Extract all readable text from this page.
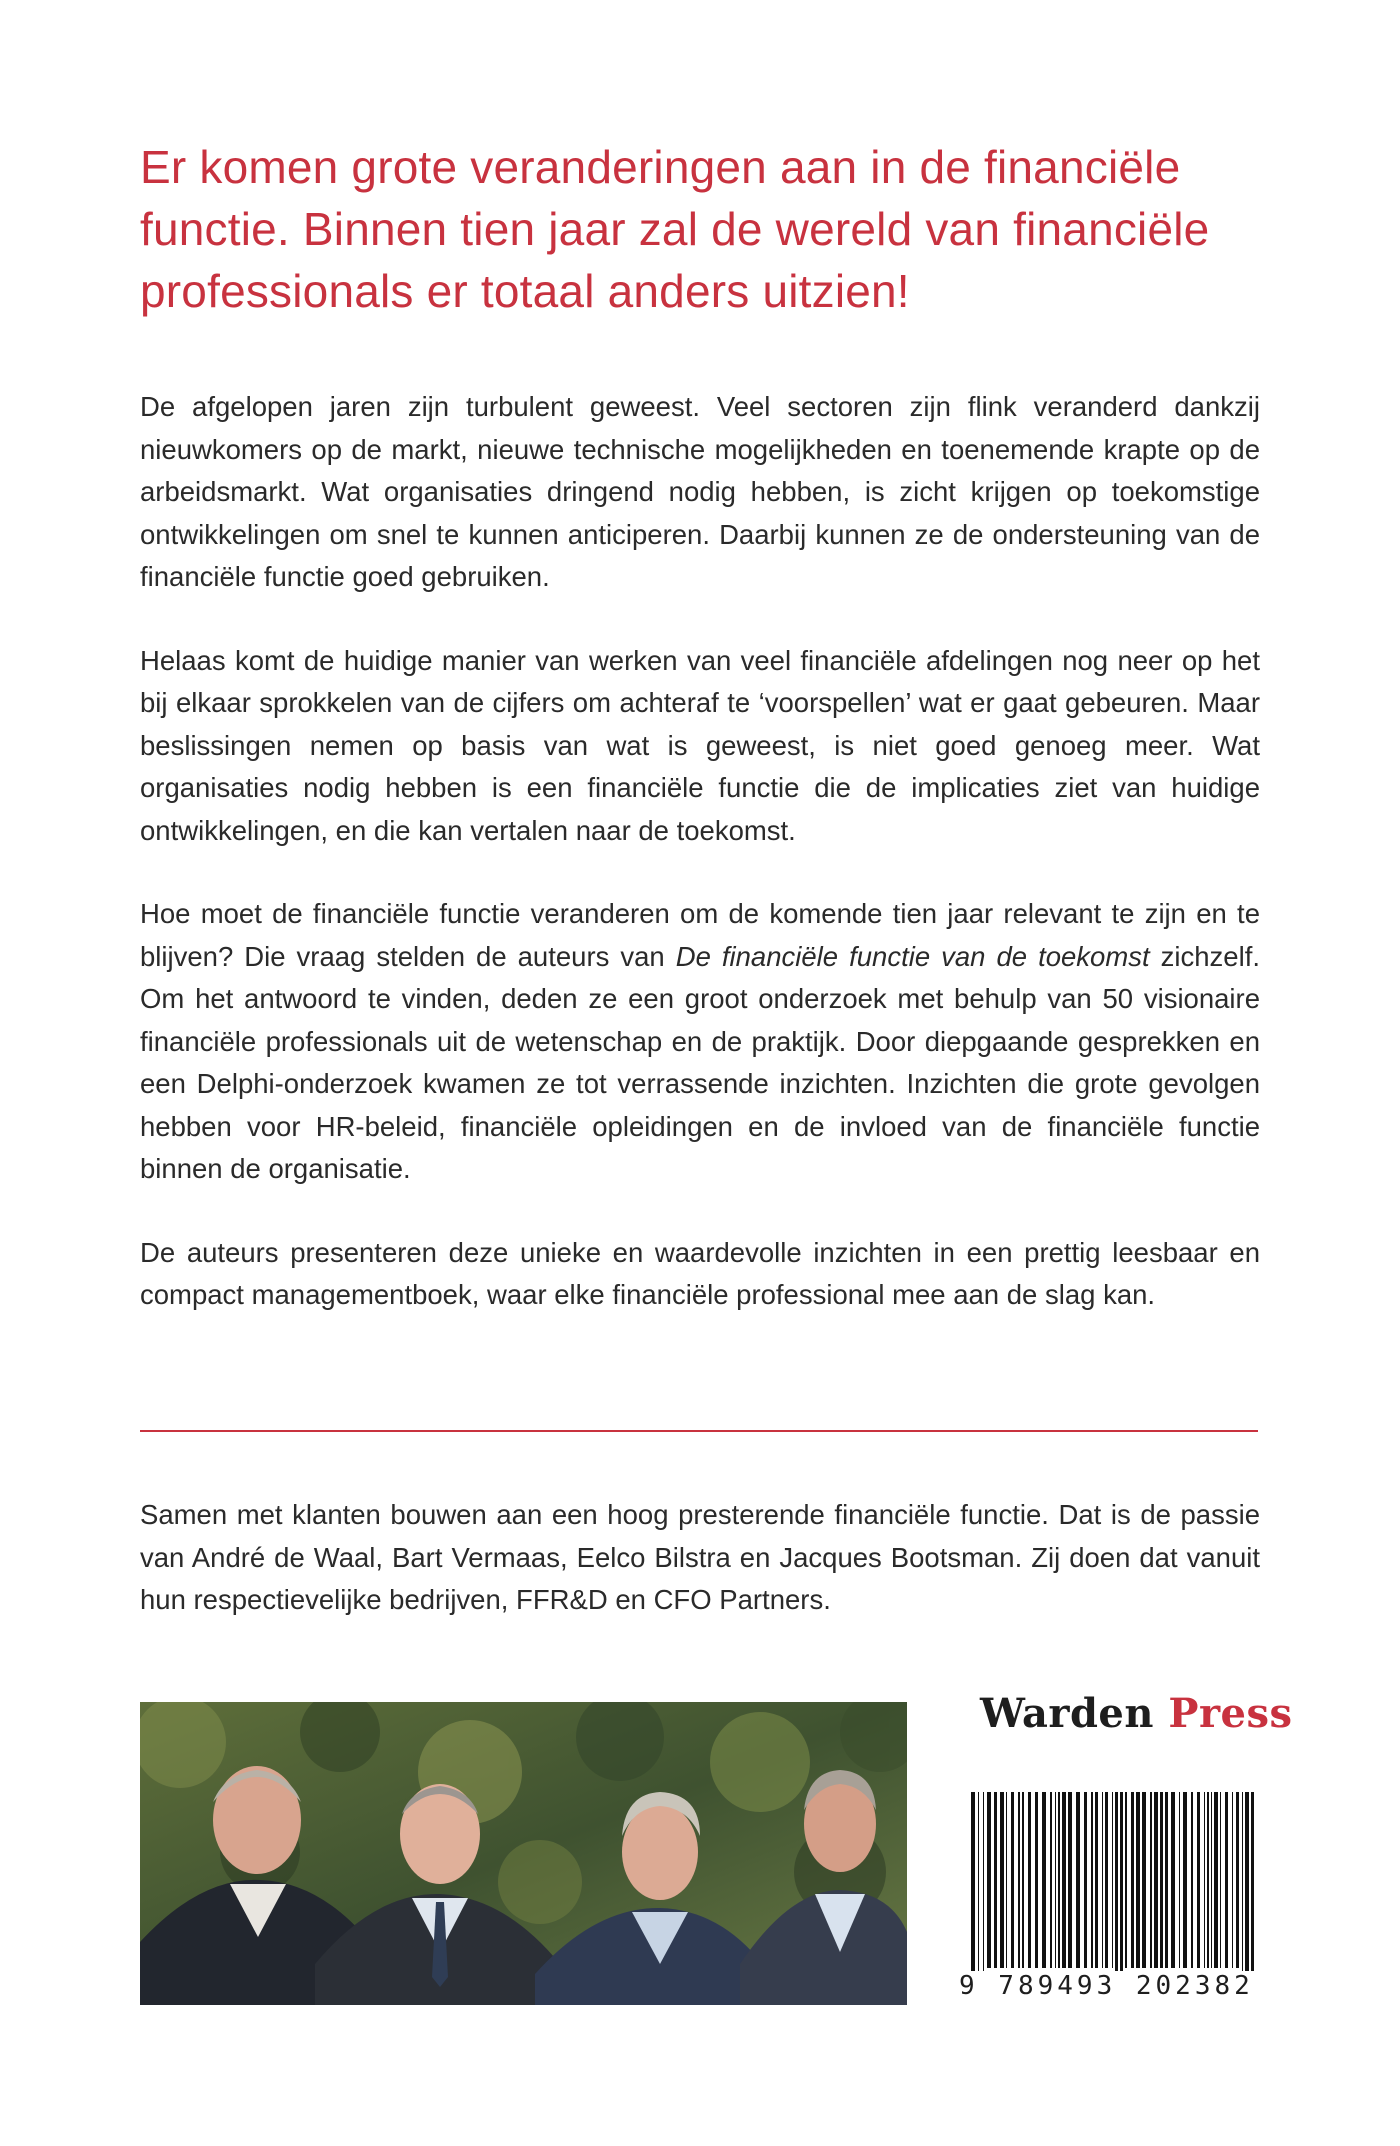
Er komen grote veranderingen aan in de financiële functie. Binnen tien jaar zal de wereld van financiële professionals er totaal anders uitzien!

De afgelopen jaren zijn turbulent geweest. Veel sectoren zijn flink veranderd dankzij nieuwkomers op de markt, nieuwe technische mogelijkheden en toenemende krapte op de arbeidsmarkt. Wat organisaties dringend nodig hebben, is zicht krijgen op toekomstige ontwikkelingen om snel te kunnen anticiperen. Daarbij kunnen ze de ondersteuning van de financiële functie goed gebruiken.

Helaas komt de huidige manier van werken van veel financiële afdelingen nog neer op het bij elkaar sprokkelen van de cijfers om achteraf te ‘voorspellen’ wat er gaat gebeuren. Maar beslissingen nemen op basis van wat is geweest, is niet goed genoeg meer. Wat organisaties nodig hebben is een financiële functie die de implicaties ziet van huidige ontwikkelingen, en die kan vertalen naar de toekomst.

Hoe moet de financiële functie veranderen om de komende tien jaar relevant te zijn en te blijven? Die vraag stelden de auteurs van De financiële functie van de toekomst zichzelf. Om het antwoord te vinden, deden ze een groot onderzoek met behulp van 50 visionaire financiële professionals uit de wetenschap en de praktijk. Door diepgaande gesprekken en een Delphi-onderzoek kwamen ze tot verrassende inzichten. Inzichten die grote gevolgen hebben voor HR-beleid, financiële opleidingen en de invloed van de financiële functie binnen de organisatie.

De auteurs presenteren deze unieke en waardevolle inzichten in een prettig leesbaar en compact managementboek, waar elke financiële professional mee aan de slag kan.

Samen met klanten bouwen aan een hoog presterende financiële functie. Dat is de passie van André de Waal, Bart Vermaas, Eelco Bilstra en Jacques Bootsman. Zij doen dat vanuit hun respectievelijke bedrijven, FFR&D en CFO Partners.

Warden Press
9 789493 202382
